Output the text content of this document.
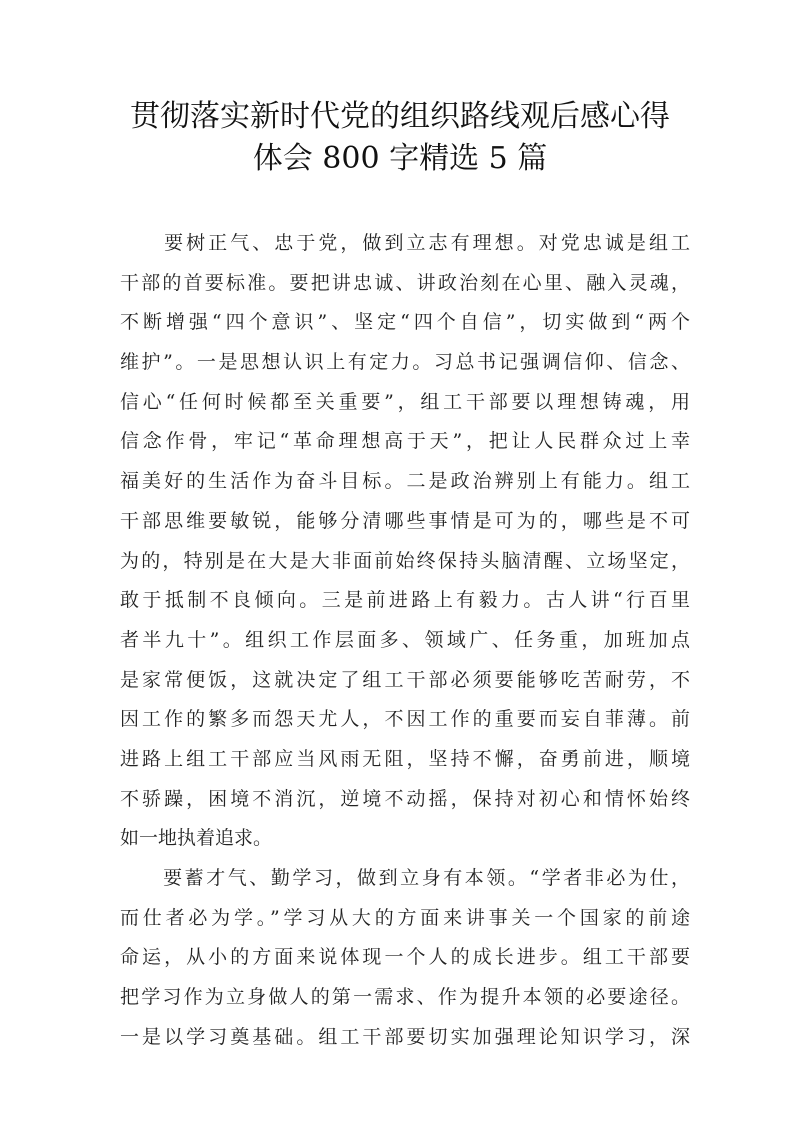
贯彻落实新时代党的组织路线观后感心得
体会 800 字精选 5 篇
　　要树正气、忠于党，做到立志有理想。对党忠诚是组工
干部的首要标准。要把讲忠诚、讲政治刻在心里、融入灵魂，
不断增强“四个意识”、坚定“四个自信”，切实做到“两个
维护”。一是思想认识上有定力。习总书记强调信仰、信念、
信心“任何时候都至关重要”，组工干部要以理想铸魂，用
信念作骨，牢记“革命理想高于天”，把让人民群众过上幸
福美好的生活作为奋斗目标。二是政治辨别上有能力。组工
干部思维要敏锐，能够分清哪些事情是可为的，哪些是不可
为的，特别是在大是大非面前始终保持头脑清醒、立场坚定，
敢于抵制不良倾向。三是前进路上有毅力。古人讲“行百里
者半九十”。组织工作层面多、领域广、任务重，加班加点
是家常便饭，这就决定了组工干部必须要能够吃苦耐劳，不
因工作的繁多而怨天尤人，不因工作的重要而妄自菲薄。前
进路上组工干部应当风雨无阻，坚持不懈，奋勇前进，顺境
不骄躁，困境不消沉，逆境不动摇，保持对初心和情怀始终
如一地执着追求。
　　要蓄才气、勤学习，做到立身有本领。“学者非必为仕，
而仕者必为学。”学习从大的方面来讲事关一个国家的前途
命运，从小的方面来说体现一个人的成长进步。组工干部要
把学习作为立身做人的第一需求、作为提升本领的必要途径。
一是以学习奠基础。组工干部要切实加强理论知识学习，深
